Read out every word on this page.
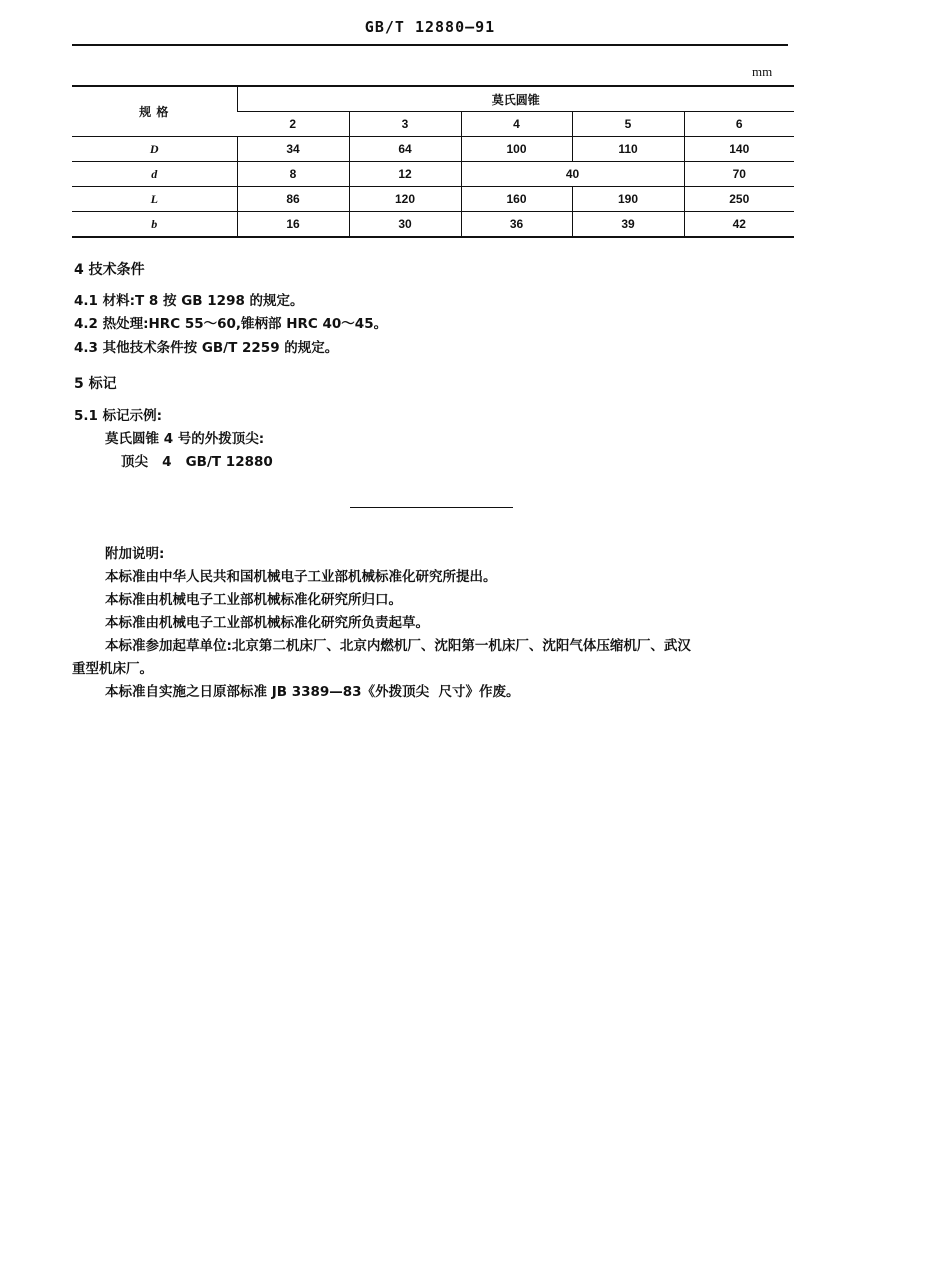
GB/T 12880—91
mm
规 格	莫氏圆锥				
	2	3	4	5	6
D	34	64	100	110	140
d	8	12	40		70
L	86	120	160	190	250
b	16	30	36	39	42
4 技术条件
4.1 材料:T 8 按 GB 1298 的规定。
4.2 热处理:HRC 55～60,锥柄部 HRC 40～45。
4.3 其他技术条件按 GB/T 2259 的规定。
5 标记
5.1 标记示例:
莫氏圆锥 4 号的外拨顶尖:
顶尖   4   GB/T 12880
附加说明:
本标准由中华人民共和国机械电子工业部机械标准化研究所提出。
本标准由机械电子工业部机械标准化研究所归口。
本标准由机械电子工业部机械标准化研究所负责起草。
本标准参加起草单位:北京第二机床厂、北京内燃机厂、沈阳第一机床厂、沈阳气体压缩机厂、武汉
重型机床厂。
本标准自实施之日原部标准 JB 3389—83《外拨顶尖  尺寸》作废。
